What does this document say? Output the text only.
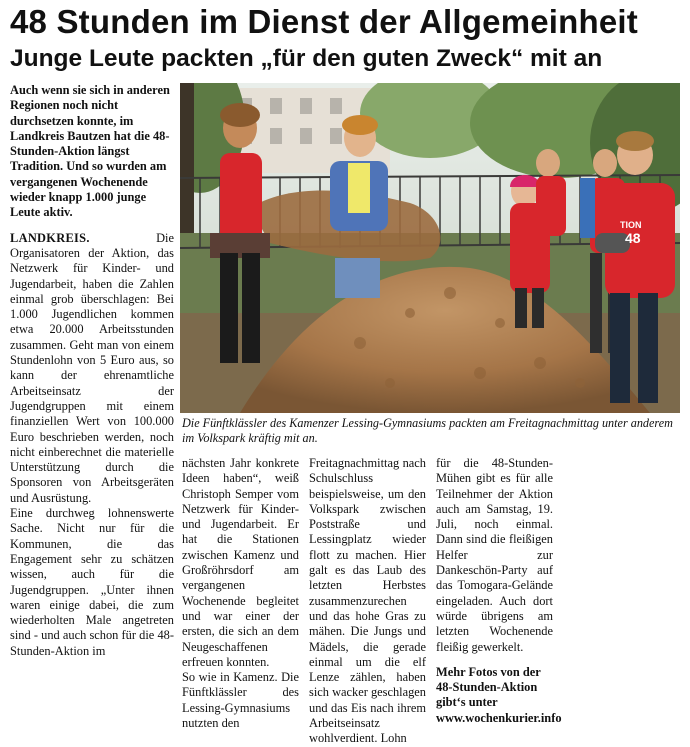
48 Stunden im Dienst der Allgemeinheit
Junge Leute packten „für den guten Zweck“ mit an

Auch wenn sie sich in anderen Regionen noch nicht durchsetzen konnte, im Landkreis Bautzen hat die 48-Stunden-Aktion längst Tradition. Und so wurden am vergangenen Wochenende wieder knapp 1.000 junge Leute aktiv.

LANDKREIS. Die Organisatoren der Aktion, das Netzwerk für Kinder- und Jugendarbeit, haben die Zahlen einmal grob überschlagen: Bei 1.000 Jugendlichen kommen etwa 20.000 Arbeitsstunden zusammen. Geht man von einem Stundenlohn von 5 Euro aus, so kann der ehrenamtliche Arbeitseinsatz der Jugendgruppen mit einem finanziellen Wert von 100.000 Euro beschrieben werden, noch nicht einberechnet die materielle Unterstützung durch die Sponsoren von Arbeitsgeräten und Ausrüstung.

Eine durchweg lohnenswerte Sache. Nicht nur für die Kommunen, die das Engagement sehr zu schätzen wissen, auch für die Jugendgruppen. „Unter ihnen waren einige dabei, die zum wiederholten Male angetreten sind - und auch schon für die 48-Stunden-Aktion im

TION
48
Die Fünftklässler des Kamenzer Lessing-Gymnasiums packten am Freitagnachmittag unter anderem im Volkspark kräftig mit an.

nächsten Jahr konkrete Ideen haben“, weiß Christoph Semper vom Netzwerk für Kinder- und Jugendarbeit. Er hat die Stationen zwischen Kamenz und Großröhrsdorf am vergangenen Wochenende begleitet und war einer der ersten, die sich an dem Neugeschaffenen erfreuen konnten.

So wie in Kamenz. Die Fünftklässler des Lessing-Gymnasiums nutzten den

Freitagnachmittag nach Schulschluss beispielsweise, um den Volkspark zwischen Poststraße und Lessingplatz wieder flott zu machen. Hier galt es das Laub des letzten Herbstes zusammenzurechen und das hohe Gras zu mähen. Die Jungs und Mädels, die gerade einmal um die elf Lenze zählen, haben sich wacker geschlagen und das Eis nach ihrem Arbeitseinsatz wohlverdient. Lohn

für die 48-Stunden-Mühen gibt es für alle Teilnehmer der Aktion auch am Samstag, 19. Juli, noch einmal. Dann sind die fleißigen Helfer zur Dankeschön-Party auf das Tomogara-Gelände eingeladen. Auch dort würde übrigens am letzten Wochenende fleißig gewerkelt.

Mehr Fotos von der 48-Stunden-Aktion gibt‘s unter www.wochenkurier.info
